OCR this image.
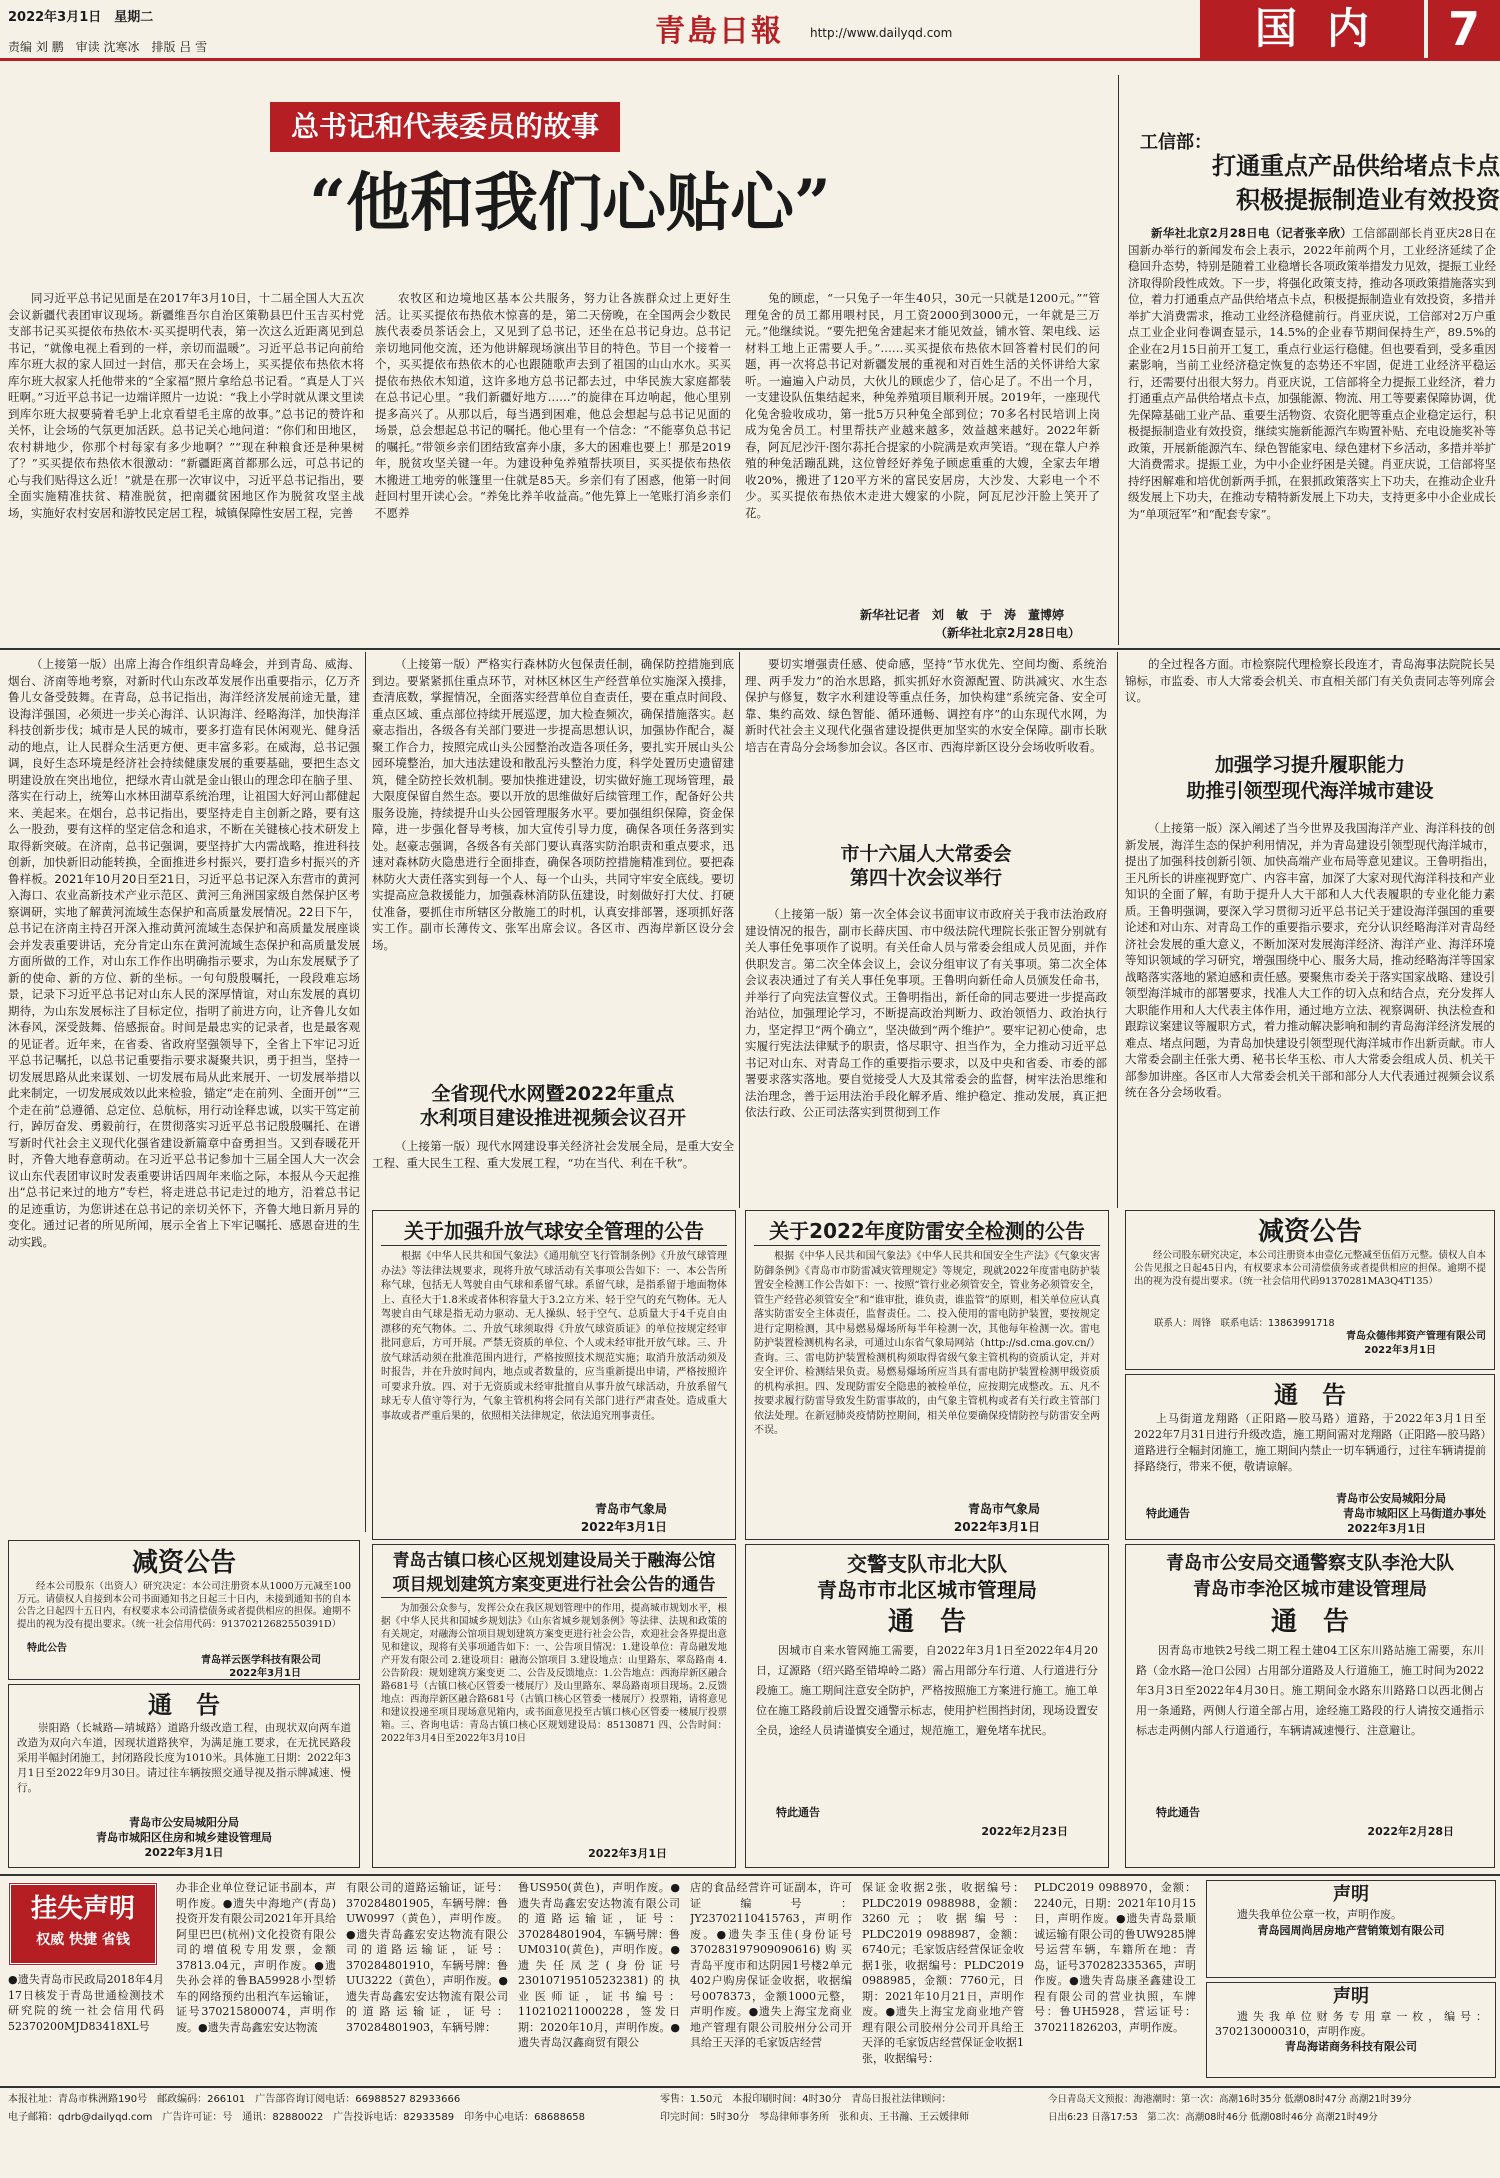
2022年3月1日　星期二
责编 刘 鹏　审读 沈寒冰　排版 吕 雪	青島日報 http://www.dailyqd.com	国内	7
总书记和代表委员的故事
“他和我们心贴心”

同习近平总书记见面是在2017年3月10日，十二届全国人大五次会议新疆代表团审议现场。新疆维吾尔自治区策勒县巴什玉吉买村党支部书记买买提依布热依木·买买提明代表，第一次这么近距离见到总书记，“就像电视上看到的一样，亲切而温暖”。习近平总书记向前给库尔班大叔的家人回过一封信，那天在会场上，买买提依布热依木将库尔班大叔家人托他带来的“全家福”照片拿给总书记看。“真是人丁兴旺啊。”习近平总书记一边端详照片一边说：“我上小学时就从课文里读到库尔班大叔要骑着毛驴上北京看望毛主席的故事。”总书记的赞许和关怀，让会场的气氛更加活跃。总书记关心地问道：“你们和田地区，农村耕地少，你那个村每家有多少地啊？”“现在种粮食还是种果树了？”买买提依布热依木很激动：“新疆距离首都那么远，可总书记的心与我们贴得这么近！”就是在那一次审议中，习近平总书记指出，要全面实施精准扶贫、精准脱贫，把南疆贫困地区作为脱贫攻坚主战场，实施好农村安居和游牧民定居工程，城镇保障性安居工程，完善

农牧区和边境地区基本公共服务，努力让各族群众过上更好生活。让买买提依布热依木惊喜的是，第二天傍晚，在全国两会少数民族代表委员茶话会上，又见到了总书记，还坐在总书记身边。总书记亲切地同他交流，还为他讲解现场演出节目的特色。节目一个接着一个，买买提依布热依木的心也跟随歌声去到了祖国的山山水水。买买提依布热依木知道，这许多地方总书记都去过，中华民族大家庭都装在总书记心里。“我们新疆好地方……”的旋律在耳边响起，他心里别提多高兴了。从那以后，每当遇到困难，他总会想起与总书记见面的场景，总会想起总书记的嘱托。他心里有一个信念：“不能辜负总书记的嘱托。”带领乡亲们团结致富奔小康，多大的困难也要上！那是2019年，脱贫攻坚关键一年。为建设种兔养殖帮扶项目，买买提依布热依木搬进工地旁的帐篷里一住就是85天。乡亲们有了困惑，他第一时间赶回村里开读心会。“养兔比养羊收益高。”他先算上一笔账打消乡亲们不愿养

兔的顾虑，“一只兔子一年生40只，30元一只就是1200元。”“管理兔舍的员工都用喂村民，月工资2000到3000元，一年就是三万元。”他继续说。“要先把兔舍建起来才能见效益，铺水管、架电线、运材料工地上正需要人手。”……买买提依布热依木回答着村民们的问题，再一次将总书记对新疆发展的重视和对百姓生活的关怀讲给大家听。一遍遍入户动员，大伙儿的顾虑少了，信心足了。不出一个月，一支建设队伍集结起来，种兔养殖项目顺利开展。2019年，一座现代化兔舍验收成功，第一批5万只种兔全部到位；70多名村民培训上岗成为兔舍员工。村里帮扶产业越来越多，效益越来越好。2022年新春，阿瓦尼沙汗·图尔荪托合提家的小院满是欢声笑语。“现在靠人户养殖的种兔活蹦乱跳，这位曾经好养兔子顾虑重重的大嫂，全家去年增收20%，搬进了120平方米的富民安居房，大沙发、大彩电一个不少。买买提依布热依木走进大嫂家的小院，阿瓦尼沙汗脸上笑开了花。

新华社记者　刘　敏　于　涛　董博婷
（新华社北京2月28日电）
工信部：
打通重点产品供给堵点卡点
积极提振制造业有效投资

新华社北京2月28日电（记者张辛欣）工信部副部长肖亚庆28日在国新办举行的新闻发布会上表示，2022年前两个月，工业经济延续了企稳回升态势，特别是随着工业稳增长各项政策举措发力见效，提振工业经济取得阶段性成效。下一步，将强化政策支持，推动各项政策措施落实到位，着力打通重点产品供给堵点卡点，积极提振制造业有效投资，多措并举扩大消费需求，推动工业经济稳健前行。肖亚庆说，工信部对2万户重点工业企业问卷调查显示，14.5%的企业春节期间保持生产，89.5%的企业在2月15日前开工复工，重点行业运行稳健。但也要看到，受多重因素影响，当前工业经济稳定恢复的态势还不牢固，促进工业经济平稳运行，还需要付出很大努力。肖亚庆说，工信部将全力提振工业经济，着力打通重点产品供给堵点卡点，加强能源、物流、用工等要素保障协调，优先保障基础工业产品、重要生活物资、农资化肥等重点企业稳定运行，积极提振制造业有效投资，继续实施新能源汽车购置补贴、充电设施奖补等政策，开展新能源汽车、绿色智能家电、绿色建材下乡活动，多措并举扩大消费需求。提振工业，为中小企业纾困是关键。肖亚庆说，工信部将坚持纾困解难和培优创新两手抓，在狠抓政策落实上下功夫，在推动企业升级发展上下功夫，在推动专精特新发展上下功夫，支持更多中小企业成长为“单项冠军”和“配套专家”。

（上接第一版）出席上海合作组织青岛峰会，并到青岛、威海、烟台、济南等地考察，对新时代山东改革发展作出重要指示，亿万齐鲁儿女备受鼓舞。在青岛，总书记指出，海洋经济发展前途无量，建设海洋强国，必须进一步关心海洋、认识海洋、经略海洋，加快海洋科技创新步伐；城市是人民的城市，要多打造有民休闲观光、健身活动的地点，让人民群众生活更方便、更丰富多彩。在威海，总书记强调，良好生态环境是经济社会持续健康发展的重要基础，要把生态文明建设放在突出地位，把绿水青山就是金山银山的理念印在脑子里、落实在行动上，统筹山水林田湖草系统治理，让祖国大好河山都健起来、美起来。在烟台，总书记指出，要坚持走自主创新之路，要有这么一股劲，要有这样的坚定信念和追求，不断在关键核心技术研发上取得新突破。在济南，总书记强调，要坚持扩大内需战略，推进科技创新，加快新旧动能转换，全面推进乡村振兴，要打造乡村振兴的齐鲁样板。2021年10月20日至21日，习近平总书记深入东营市的黄河入海口、农业高新技术产业示范区、黄河三角洲国家级自然保护区考察调研，实地了解黄河流域生态保护和高质量发展情况。22日下午，总书记在济南主持召开深入推动黄河流域生态保护和高质量发展座谈会并发表重要讲话，充分肯定山东在黄河流域生态保护和高质量发展方面所做的工作，对山东工作作出明确指示要求，为山东发展赋予了新的使命、新的方位、新的坐标。一句句殷殷嘱托，一段段难忘场景，记录下习近平总书记对山东人民的深厚情谊，对山东发展的真切期待，为山东发展标注了目标定位，指明了前进方向，让齐鲁儿女如沐春风，深受鼓舞、倍感振奋。时间是最忠实的记录者，也是最客观的见证者。近年来，在省委、省政府坚强领导下，全省上下牢记习近平总书记嘱托，以总书记重要指示要求凝聚共识，勇于担当，坚持一切发展思路从此来谋划、一切发展布局从此来展开、一切发展举措以此来制定，一切发展成效以此来检验，锚定“走在前列、全面开创”“三个走在前”总遵循、总定位、总航标，用行动诠释忠诚，以实干笃定前行，踔厉奋发、勇毅前行，在贯彻落实习近平总书记殷殷嘱托、在谱写新时代社会主义现代化强省建设新篇章中奋勇担当。又到春暖花开时，齐鲁大地春意萌动。在习近平总书记参加十三届全国人大一次会议山东代表团审议时发表重要讲话四周年来临之际，本报从今天起推出“总书记来过的地方”专栏，将走进总书记走过的地方，沿着总书记的足迹重访，为您讲述在总书记的亲切关怀下，齐鲁大地日新月异的变化。通过记者的所见所闻，展示全省上下牢记嘱托、感恩奋进的生动实践。

（上接第一版）严格实行森林防火包保责任制，确保防控措施到底到边。要紧紧抓住重点环节，对林区林区生产经营单位实施深入摸排，查清底数，掌握情况，全面落实经营单位自查责任，要在重点时间段、重点区域、重点部位持续开展巡逻，加大检查频次，确保措施落实。赵豪志指出，各级各有关部门要进一步提高思想认识，加强协作配合，凝聚工作合力，按照完成山头公园整治改造各项任务，要扎实开展山头公园环境整治，加大违法建设和散乱污头整治力度，科学处置历史遗留建筑，健全防控长效机制。要加快推进建设，切实做好施工现场管理，最大限度保留自然生态。要以开放的思维做好后续管理工作，配备好公共服务设施，持续提升山头公园管理服务水平。要加强组织保障，资金保障，进一步强化督导考核，加大宣传引导力度，确保各项任务落到实处。赵豪志强调，各级各有关部门要认真落实防治职责和重点要求，迅速对森林防火隐患进行全面排查，确保各项防控措施精准到位。要把森林防火大责任落实到每一个人、每一个山头，共同守牢安全底线。要切实提高应急救援能力，加强森林消防队伍建设，时刻做好打大仗、打硬仗准备，要抓住市所辖区分散施工的时机，认真安排部署，逐项抓好落实工作。副市长薄传文、张军出席会议。各区市、西海岸新区设分会场。

全省现代水网暨2022年重点
水利项目建设推进视频会议召开

（上接第一版）现代水网建设事关经济社会发展全局，是重大安全工程、重大民生工程、重大发展工程，“功在当代、利在千秋”。

要切实增强责任感、使命感，坚持“节水优先、空间均衡、系统治理、两手发力”的治水思路，抓实抓好水资源配置、防洪减灾、水生态保护与修复，数字水利建设等重点任务，加快构建“系统完备、安全可靠、集约高效、绿色智能、循环通畅、调控有序”的山东现代水网，为新时代社会主义现代化强省建设提供更加坚实的水安全保障。副市长耿培吉在青岛分会场参加会议。各区市、西海岸新区设分会场收听收看。

市十六届人大常委会
第四十次会议举行

（上接第一版）第一次全体会议书面审议市政府关于我市法治政府建设情况的报告，副市长薛庆国、市中级法院代理院长张正智分别就有关人事任免事项作了说明。有关任命人员与常委会组成人员见面，并作供职发言。第二次全体会议上，会议分组审议了有关事项。第二次全体会议表决通过了有关人事任免事项。王鲁明向新任命人员颁发任命书，并举行了向宪法宣誓仪式。王鲁明指出，新任命的同志要进一步提高政治站位，加强理论学习，不断提高政治判断力、政治领悟力、政治执行力，坚定捍卫“两个确立”，坚决做到“两个维护”。要牢记初心使命，忠实履行宪法法律赋予的职责，恪尽职守、担当作为，全力推动习近平总书记对山东、对青岛工作的重要指示要求，以及中央和省委、市委的部署要求落实落地。要自觉接受人大及其常委会的监督，树牢法治思维和法治理念，善于运用法治手段化解矛盾、维护稳定、推动发展，真正把依法行政、公正司法落实到贯彻到工作

的全过程各方面。市检察院代理检察长段连才，青岛海事法院院长吴锦标，市监委、市人大常委会机关、市直相关部门有关负责同志等列席会议。

加强学习提升履职能力
助推引领型现代海洋城市建设

（上接第一版）深入阐述了当今世界及我国海洋产业、海洋科技的创新发展，海洋生态的保护利用情况，并为青岛建设引领型现代海洋城市，提出了加强科技创新引领、加快高端产业布局等意见建议。王鲁明指出，王凡所长的讲座视野宽广、内容丰富，加深了大家对现代海洋科技和产业知识的全面了解，有助于提升人大干部和人大代表履职的专业化能力素质。王鲁明强调，要深入学习贯彻习近平总书记关于建设海洋强国的重要论述和对山东、对青岛工作的重要指示要求，充分认识经略海洋对青岛经济社会发展的重大意义，不断加深对发展海洋经济、海洋产业、海洋环境等知识领域的学习研究，增强围绕中心、服务大局，推动经略海洋等国家战略落实落地的紧迫感和责任感。要聚焦市委关于落实国家战略、建设引领型海洋城市的部署要求，找准人大工作的切入点和结合点，充分发挥人大职能作用和人大代表主体作用，通过地方立法、视察调研、执法检查和跟踪议案建议等履职方式，着力推动解决影响和制约青岛海洋经济发展的难点、堵点问题，为青岛加快建设引领型现代海洋城市作出新贡献。市人大常委会副主任张大勇、秘书长华玉松、市人大常委会组成人员、机关干部参加讲座。各区市人大常委会机关干部和部分人大代表通过视频会议系统在各分会场收看。

关于加强升放气球安全管理的公告

根据《中华人民共和国气象法》《通用航空飞行管制条例》《升放气球管理办法》等法律法规要求，现将升放气球活动有关事项公告如下：一、本公告所称气球，包括无人驾驶自由气球和系留气球。系留气球，是指系留于地面物体上、直径大于1.8米或者体积容量大于3.2立方米、轻于空气的充气物体。无人驾驶自由气球是指无动力驱动、无人操纵、轻于空气、总质量大于4千克自由漂移的充气物体。二、升放气球须取得《升放气球资质证》的单位按规定经审批同意后，方可开展。严禁无资质的单位、个人或未经审批开放气球。三、升放气球活动须在批准范围内进行，严格按照技术规范实施；取消升放活动须及时报告，并在升放时间内，地点或者数量的，应当重新提出申请，严格按照许可要求升放。四、对于无资质或未经审批擅自从事升放气球活动，升放系留气球无专人值守等行为，气象主管机构将会同有关部门进行严肃查处。造成重大事故或者严重后果的，依照相关法律规定，依法追究刑事责任。

青岛市气象局
2022年3月1日
关于2022年度防雷安全检测的公告

根据《中华人民共和国气象法》《中华人民共和国安全生产法》《气象灾害防御条例》《青岛市市防雷减灾管理规定》等规定，现就2022年度雷电防护装置安全检测工作公告如下：一、按照“管行业必须管安全，管业务必须管安全，管生产经营必须管安全”和“谁审批，谁负责，谁监管”的原则，相关单位应认真落实防雷安全主体责任，监督责任。二、投入使用的雷电防护装置，要按规定进行定期检测，其中易燃易爆场所每半年检测一次，其他每年检测一次。雷电防护装置检测机构名录，可通过山东省气象局网站（http://sd.cma.gov.cn/）查询。三、雷电防护装置检测机构须取得省级气象主管机构的资质认定，并对安全评价、检测结果负责。易燃易爆场所应当具有雷电防护装置检测甲级资质的机构承担。四、发现防雷安全隐患的被检单位，应按期完成整改。五、凡不按要求履行防雷导致发生防雷事故的，由气象主管机构或者有关行政主管部门依法处理。在新冠肺炎疫情防控期间，相关单位要确保疫情防控与防雷安全两不误。

青岛市气象局
2022年3月1日
减资公告

经公司股东研究决定，本公司注册资本由壹亿元整减至伍佰万元整。债权人自本公告见报之日起45日内，有权要求本公司清偿债务或者提供相应的担保。逾期不提出的视为没有提出要求。（统一社会信用代码91370281MA3Q4T135）

联系人：周锋　联系电话：13863991718
青岛众德伟邦资产管理有限公司
2022年3月1日
通　告

上马街道龙翔路（正阳路—胶马路）道路，于2022年3月1日至2022年7月31日进行升级改造，施工期间需对龙翔路（正阳路—胶马路）道路进行全幅封闭施工，施工期间内禁止一切车辆通行，过往车辆请提前择路绕行，带来不便，敬请谅解。

特此通告
青岛市公安局城阳分局
青岛市城阳区上马街道办事处
2022年3月1日
减资公告

经本公司股东（出资人）研究决定：本公司注册资本从1000万元减至100万元。请债权人自接到本公司书面通知书之日起三十日内，未接到通知书的自本公告之日起四十五日内，有权要求本公司清偿债务或者提供相应的担保。逾期不提出的视为没有提出要求。（统一社会信用代码：91370212682550391D）

特此公告
青岛祥云医学科技有限公司
2022年3月1日
通　告

崇阳路（长城路—靖城路）道路升级改造工程，由现状双向两车道改造为双向六车道，因现状道路狭窄，为满足施工要求，在无扰民路段采用半幅封闭施工，封闭路段长度为1010米。具体施工日期：2022年3月1日至2022年9月30日。请过往车辆按照交通导视及指示牌减速、慢行。

青岛市公安局城阳分局
青岛市城阳区住房和城乡建设管理局
2022年3月1日
青岛古镇口核心区规划建设局关于融海公馆
项目规划建筑方案变更进行社会公告的通告

为加强公众参与，发挥公众在我区规划管理中的作用，提高城市规划水平，根据《中华人民共和国城乡规划法》《山东省城乡规划条例》等法律、法规和政策的有关规定，对融海公馆项目规划建筑方案变更进行社会公告，欢迎社会各界提出意见和建议，现将有关事项通告如下：一、公告项目情况：1.建设单位：青岛融发地产开发有限公司 2.建设项目：融海公馆项目 3.建设地点：山里路东、翠岛路南 4.公告阶段：规划建筑方案变更 二、公告及反馈地点：1.公告地点：西海岸新区融合路681号（古镇口核心区管委一楼展厅）及山里路东、翠岛路南项目现场。2.反馈地点：西海岸新区融合路681号（古镇口核心区管委一楼展厅）投票箱，请将意见和建议投递至项目现场意见箱内，或书面意见投至古镇口核心区管委一楼展厅投票箱。三、咨询电话：青岛古镇口核心区规划建设局：85130871 四、公告时间：2022年3月4日至2022年3月10日

2022年3月1日
交警支队市北大队
青岛市市北区城市管理局
通　告

因城市自来水管网施工需要，自2022年3月1日至2022年4月20日，辽源路（绍兴路至错埠岭二路）需占用部分车行道、人行道进行分段施工。施工期间注意安全防护，严格按照施工方案进行施工。施工单位在施工路段前后设置交通警示标志，使用护栏围挡封闭，现场设置安全员，途经人员请谨慎安全通过，规范施工，避免堵车扰民。

特此通告
2022年2月23日
青岛市公安局交通警察支队李沧大队
青岛市李沧区城市建设管理局
通　告

因青岛市地铁2号线二期工程土建04工区东川路站施工需要，东川路（金水路—沧口公园）占用部分道路及人行道施工，施工时间为2022年3月3日至2022年4月30日。施工期间金水路东川路路口以西北侧占用一条通路，两侧人行道全部占用，途经施工路段的行人请按交通指示标志走两侧内部人行道通行，车辆请减速慢行、注意避让。

特此通告
2022年2月28日
挂失声明
权威 快捷 省钱
●遗失青岛市民政局2018年4月17日核发于青岛世通检测技术研究院的统一社会信用代码52370200MJD83418XL号
办非企业单位登记证书副本，声明作废。●遗失中海地产(青岛)投资开发有限公司2021年开具给阿里巴巴(杭州)文化投资有限公司的增值税专用发票，金额37813.04元，声明作废。●遗失孙会祥的鲁BA59928小型轿车的网络预约出租汽车运输证，证号370215800074，声明作废。●遗失青岛鑫宏安达物流
有限公司的道路运输证，证号：370284801905，车辆号牌：鲁UW0997（黄色），声明作废。●遗失青岛鑫宏安达物流有限公司的道路运输证，证号：370284801910，车辆号牌：鲁UU3222（黄色），声明作废。●遗失青岛鑫宏安达物流有限公司的道路运输证，证号：370284801903，车辆号牌：
鲁US950(黄色)，声明作废。●遗失青岛鑫宏安达物流有限公司的道路运输证，证号：370284801904，车辆号牌：鲁UM0310(黄色)，声明作废。●遗失任凤芝(身份证号230107195105232381)的执业医师证，证书编号：110210211000228，签发日期：2020年10月，声明作废。●遗失青岛汉鑫商贸有限公
店的食品经营许可证副本，许可证编号：JY23702110415763，声明作废。●遗失李玉佳(身份证号370283197909090616)购买青岛平度市和达阴园1号楼2单元402户购房保证金收据，收据编号0078373，金额1000元整，声明作废。●遗失上海宝龙商业地产管理有限公司胶州分公司开具给王天泽的毛家饭店经营
保证金收据2张，收据编号：PLDC2019 0988988，金额：3260元；收据编号：PLDC2019 0988987，金额：6740元；毛家饭店经营保证金收据1张，收据编号：PLDC2019 0988985，金额：7760元，日期：2021年10月21日，声明作废。●遗失上海宝龙商业地产管理有限公司胶州分公司开具给王天泽的毛家饭店经营保证金收据1张，收据编号：
PLDC2019 0988970，金额：2240元，日期：2021年10月15日，声明作废。●遗失青岛景顺诚运输有限公司的鲁UW9285牌号运营车辆，车籍所在地：青岛，证号370282335365，声明作废。●遗失青岛康圣鑫建设工程有限公司的营业执照，车牌号：鲁UH5928，营运证号：370211826203，声明作废。
声明

遗失我单位公章一枚，声明作废。

青岛园周尚居房地产营销策划有限公司
声明

遗失我单位财务专用章一枚，编号：3702130000310，声明作废。

青岛海诺商务科技有限公司
本报社址：青岛市株洲路190号　邮政编码：266101　广告部咨询订阅电话：66988527 82933666
电子邮箱：qdrb@dailyqd.com　广告许可证：号　通讯：82880022　广告投诉电话：82933589　印务中心电话：68688658
零售：1.50元　本报印刷时间：4时30分　青岛日报社法律顾问：
印完时间：5时30分　琴岛律师事务所　张和贞、王书瀚、王云媛律师
今日青岛天文预报：海港潮时：第一次：高潮16时35分 低潮08时47分 高潮21时39分
日出6:23 日落17:53　第二次：高潮08时46分 低潮08时46分 高潮21时49分
